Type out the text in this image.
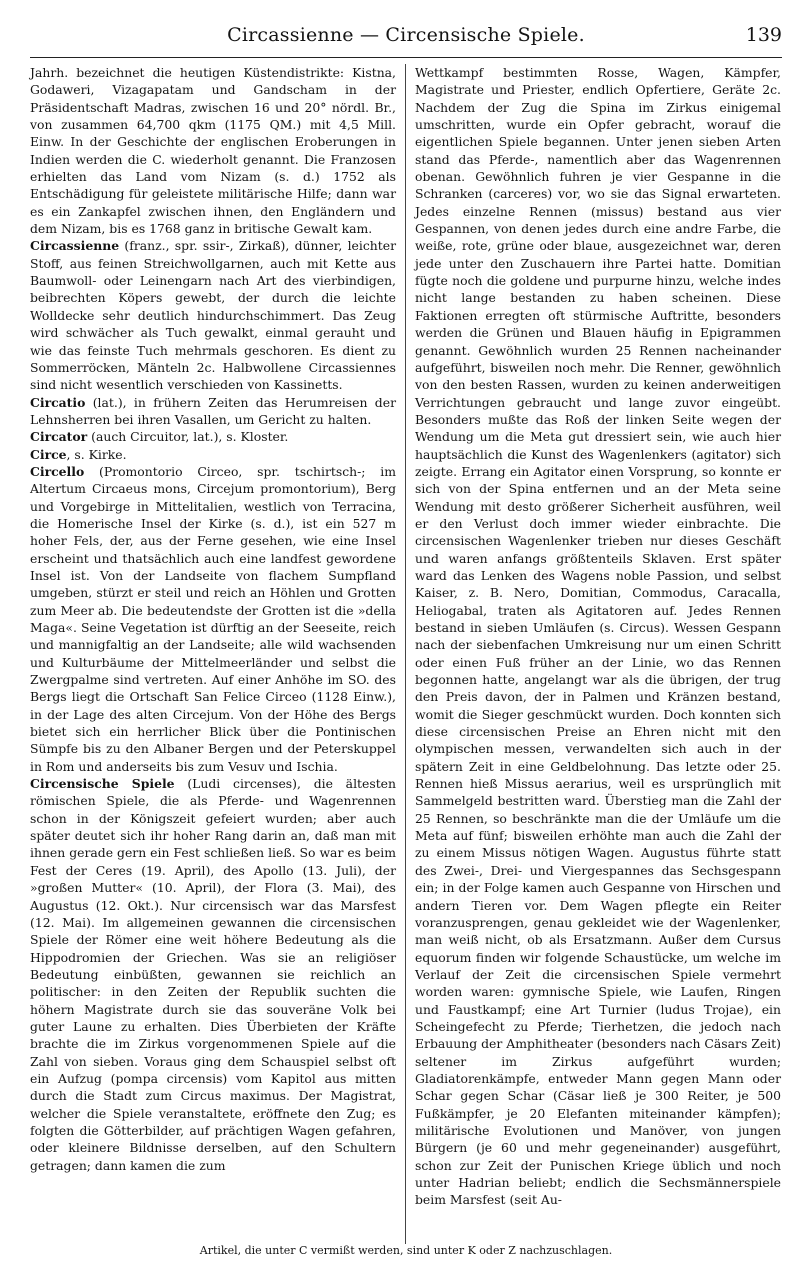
Circassienne — Circensische Spiele.	139

Jahrh. bezeichnet die heutigen Küstendistrikte: Kistna, Godaweri, Vizagapatam und Gandscham in der Präsidentschaft Madras, zwischen 16 und 20° nördl. Br., von zusammen 64,700 qkm (1175 QM.) mit 4,5 Mill. Einw. In der Geschichte der englischen Eroberungen in Indien werden die C. wiederholt genannt. Die Franzosen erhielten das Land vom Nizam (s. d.) 1752 als Entschädigung für geleistete militärische Hilfe; dann war es ein Zankapfel zwischen ihnen, den Engländern und dem Nizam, bis es 1768 ganz in britische Gewalt kam.

Circassienne (franz., spr. ssir-, Zirkaß), dünner, leichter Stoff, aus feinen Streichwollgarnen, auch mit Kette aus Baumwoll- oder Leinengarn nach Art des vierbindigen, beibrechten Köpers gewebt, der durch die leichte Wolldecke sehr deutlich hindurchschimmert. Das Zeug wird schwächer als Tuch gewalkt, einmal gerauht und wie das feinste Tuch mehrmals geschoren. Es dient zu Sommerröcken, Mänteln 2c. Halbwollene Circassiennes sind nicht wesentlich verschieden von Kassinetts.

Circatio (lat.), in frühern Zeiten das Herumreisen der Lehnsherren bei ihren Vasallen, um Gericht zu halten.

Circator (auch Circuitor, lat.), s. Kloster.

Circe, s. Kirke.

Circello (Promontorio Circeo, spr. tschirtsch-; im Altertum Circaeus mons, Circejum promontorium), Berg und Vorgebirge in Mittelitalien, westlich von Terracina, die Homerische Insel der Kirke (s. d.), ist ein 527 m hoher Fels, der, aus der Ferne gesehen, wie eine Insel erscheint und thatsächlich auch eine landfest gewordene Insel ist. Von der Landseite von flachem Sumpfland umgeben, stürzt er steil und reich an Höhlen und Grotten zum Meer ab. Die bedeutendste der Grotten ist die »della Maga«. Seine Vegetation ist dürftig an der Seeseite, reich und mannigfaltig an der Landseite; alle wild wachsenden und Kulturbäume der Mittelmeerländer und selbst die Zwergpalme sind vertreten. Auf einer Anhöhe im SO. des Bergs liegt die Ortschaft San Felice Circeo (1128 Einw.), in der Lage des alten Circejum. Von der Höhe des Bergs bietet sich ein herrlicher Blick über die Pontinischen Sümpfe bis zu den Albaner Bergen und der Peterskuppel in Rom und anderseits bis zum Vesuv und Ischia.

Circensische Spiele (Ludi circenses), die ältesten römischen Spiele, die als Pferde- und Wagenrennen schon in der Königszeit gefeiert wurden; aber auch später deutet sich ihr hoher Rang darin an, daß man mit ihnen gerade gern ein Fest schließen ließ. So war es beim Fest der Ceres (19. April), des Apollo (13. Juli), der »großen Mutter« (10. April), der Flora (3. Mai), des Augustus (12. Okt.). Nur circensisch war das Marsfest (12. Mai). Im allgemeinen gewannen die circensischen Spiele der Römer eine weit höhere Bedeutung als die Hippodromien der Griechen. Was sie an religiöser Bedeutung einbüßten, gewannen sie reichlich an politischer: in den Zeiten der Republik suchten die höhern Magistrate durch sie das souveräne Volk bei guter Laune zu erhalten. Dies Überbieten der Kräfte brachte die im Zirkus vorgenommenen Spiele auf die Zahl von sieben. Voraus ging dem Schauspiel selbst oft ein Aufzug (pompa circensis) vom Kapitol aus mitten durch die Stadt zum Circus maximus. Der Magistrat, welcher die Spiele veranstaltete, eröffnete den Zug; es folgten die Götterbilder, auf prächtigen Wagen gefahren, oder kleinere Bildnisse derselben, auf den Schultern getragen; dann kamen die zum

Wettkampf bestimmten Rosse, Wagen, Kämpfer, Magistrate und Priester, endlich Opfertiere, Geräte 2c. Nachdem der Zug die Spina im Zirkus einigemal umschritten, wurde ein Opfer gebracht, worauf die eigentlichen Spiele begannen. Unter jenen sieben Arten stand das Pferde-, namentlich aber das Wagenrennen obenan. Gewöhnlich fuhren je vier Gespanne in die Schranken (carceres) vor, wo sie das Signal erwarteten. Jedes einzelne Rennen (missus) bestand aus vier Gespannen, von denen jedes durch eine andre Farbe, die weiße, rote, grüne oder blaue, ausgezeichnet war, deren jede unter den Zuschauern ihre Partei hatte. Domitian fügte noch die goldene und purpurne hinzu, welche indes nicht lange bestanden zu haben scheinen. Diese Faktionen erregten oft stürmische Auftritte, besonders werden die Grünen und Blauen häufig in Epigrammen genannt. Gewöhnlich wurden 25 Rennen nacheinander aufgeführt, bisweilen noch mehr. Die Renner, gewöhnlich von den besten Rassen, wurden zu keinen anderweitigen Verrichtungen gebraucht und lange zuvor eingeübt. Besonders mußte das Roß der linken Seite wegen der Wendung um die Meta gut dressiert sein, wie auch hier hauptsächlich die Kunst des Wagenlenkers (agitator) sich zeigte. Errang ein Agitator einen Vorsprung, so konnte er sich von der Spina entfernen und an der Meta seine Wendung mit desto größerer Sicherheit ausführen, weil er den Verlust doch immer wieder einbrachte. Die circensischen Wagenlenker trieben nur dieses Geschäft und waren anfangs größtenteils Sklaven. Erst später ward das Lenken des Wagens noble Passion, und selbst Kaiser, z. B. Nero, Domitian, Commodus, Caracalla, Heliogabal, traten als Agitatoren auf. Jedes Rennen bestand in sieben Umläufen (s. Circus). Wessen Gespann nach der siebenfachen Umkreisung nur um einen Schritt oder einen Fuß früher an der Linie, wo das Rennen begonnen hatte, angelangt war als die übrigen, der trug den Preis davon, der in Palmen und Kränzen bestand, womit die Sieger geschmückt wurden. Doch konnten sich diese circensischen Preise an Ehren nicht mit den olympischen messen, verwandelten sich auch in der spätern Zeit in eine Geldbelohnung. Das letzte oder 25. Rennen hieß Missus aerarius, weil es ursprünglich mit Sammelgeld bestritten ward. Überstieg man die Zahl der 25 Rennen, so beschränkte man die der Umläufe um die Meta auf fünf; bisweilen erhöhte man auch die Zahl der zu einem Missus nötigen Wagen. Augustus führte statt des Zwei-, Drei- und Viergespannes das Sechsgespann ein; in der Folge kamen auch Gespanne von Hirschen und andern Tieren vor. Dem Wagen pflegte ein Reiter voranzusprengen, genau gekleidet wie der Wagenlenker, man weiß nicht, ob als Ersatzmann. Außer dem Cursus equorum finden wir folgende Schaustücke, um welche im Verlauf der Zeit die circensischen Spiele vermehrt worden waren: gymnische Spiele, wie Laufen, Ringen und Faustkampf; eine Art Turnier (ludus Trojae), ein Scheingefecht zu Pferde; Tierhetzen, die jedoch nach Erbauung der Amphitheater (besonders nach Cäsars Zeit) seltener im Zirkus aufgeführt wurden; Gladiatorenkämpfe, entweder Mann gegen Mann oder Schar gegen Schar (Cäsar ließ je 300 Reiter, je 500 Fußkämpfer, je 20 Elefanten miteinander kämpfen); militärische Evolutionen und Manöver, von jungen Bürgern (je 60 und mehr gegeneinander) ausgeführt, schon zur Zeit der Punischen Kriege üblich und noch unter Hadrian beliebt; endlich die Sechsmännerspiele beim Marsfest (seit Au-

Artikel, die unter C vermißt werden, sind unter K oder Z nachzuschlagen.
